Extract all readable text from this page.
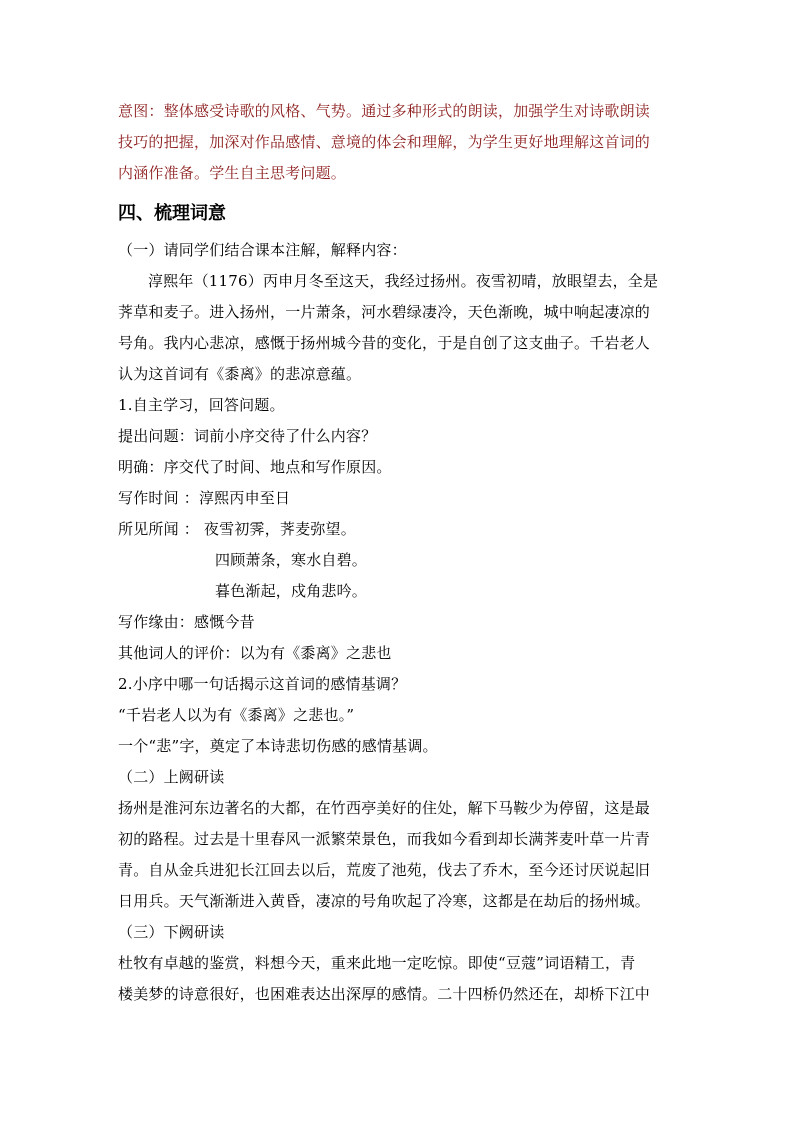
意图：整体感受诗歌的风格、气势。通过多种形式的朗读，加强学生对诗歌朗读
技巧的把握，加深对作品感情、意境的体会和理解，为学生更好地理解这首词的
内涵作准备。学生自主思考问题。
四、梳理词意
（一）请同学们结合课本注解，解释内容：
淳熙年（1176）丙申月冬至这天，我经过扬州。夜雪初晴，放眼望去，全是
荠草和麦子。进入扬州，一片萧条，河水碧绿凄冷，天色渐晚，城中响起凄凉的
号角。我内心悲凉，感慨于扬州城今昔的变化，于是自创了这支曲子。千岩老人
认为这首词有《黍离》的悲凉意蕴。
1.自主学习，回答问题。
提出问题：词前小序交待了什么内容？
明确：序交代了时间、地点和写作原因。
写作时间 ：淳熙丙申至日
所见所闻 ： 夜雪初霁，荠麦弥望。
四顾萧条，寒水自碧。
暮色渐起，戍角悲吟。
写作缘由：感慨今昔
其他词人的评价：以为有《黍离》之悲也
2.小序中哪一句话揭示这首词的感情基调？
“千岩老人以为有《黍离》之悲也。”
一个“悲”字，奠定了本诗悲切伤感的感情基调。
（二）上阙研读
扬州是淮河东边著名的大都，在竹西亭美好的住处，解下马鞍少为停留，这是最
初的路程。过去是十里春风一派繁荣景色，而我如今看到却长满荠麦叶草一片青
青。自从金兵进犯长江回去以后，荒废了池苑，伐去了乔木，至今还讨厌说起旧
日用兵。天气渐渐进入黄昏，凄凉的号角吹起了冷寒，这都是在劫后的扬州城。
（三）下阙研读
杜牧有卓越的鉴赏，料想今天，重来此地一定吃惊。即使“豆蔻”词语精工，青
楼美梦的诗意很好，也困难表达出深厚的感情。二十四桥仍然还在，却桥下江中
